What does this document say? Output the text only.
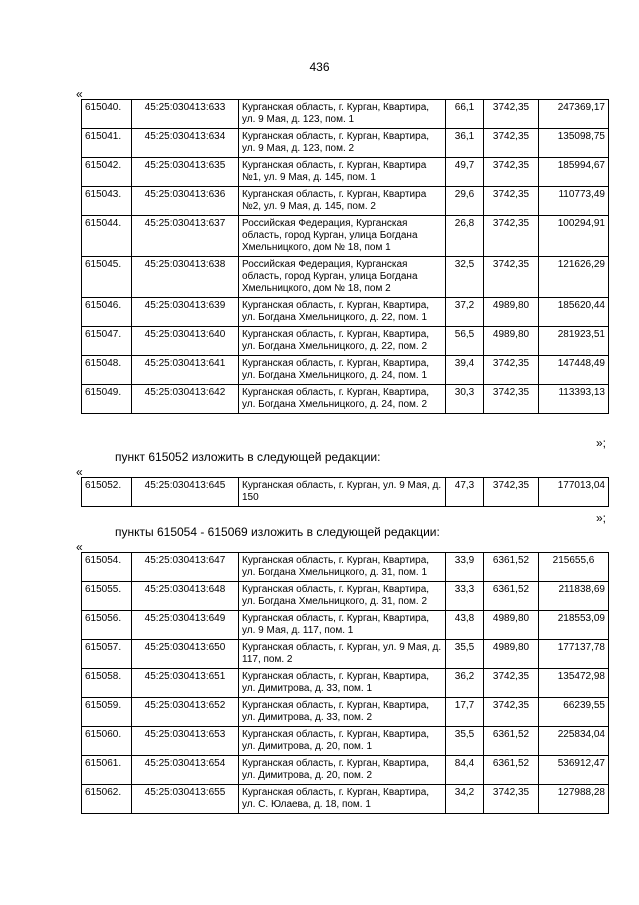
436
«
615040.	45:25:030413:633	Курганская область, г. Курган, Квартира, ул. 9 Мая, д. 123, пом. 1	66,1	3742,35	247369,17
615041.	45:25:030413:634	Курганская область, г. Курган, Квартира, ул. 9 Мая, д. 123, пом. 2	36,1	3742,35	135098,75
615042.	45:25:030413:635	Курганская область, г. Курган, Квартира №1, ул. 9 Мая, д. 145, пом. 1	49,7	3742,35	185994,67
615043.	45:25:030413:636	Курганская область, г. Курган, Квартира №2, ул. 9 Мая, д. 145, пом. 2	29,6	3742,35	110773,49
615044.	45:25:030413:637	Российская Федерация, Курганская область, город Курган, улица Богдана Хмельницкого, дом № 18, пом 1	26,8	3742,35	100294,91
615045.	45:25:030413:638	Российская Федерация, Курганская область, город Курган, улица Богдана Хмельницкого, дом № 18, пом 2	32,5	3742,35	121626,29
615046.	45:25:030413:639	Курганская область, г. Курган, Квартира, ул. Богдана Хмельницкого, д. 22, пом. 1	37,2	4989,80	185620,44
615047.	45:25:030413:640	Курганская область, г. Курган, Квартира, ул. Богдана Хмельницкого, д. 22, пом. 2	56,5	4989,80	281923,51
615048.	45:25:030413:641	Курганская область, г. Курган, Квартира, ул. Богдана Хмельницкого, д. 24, пом. 1	39,4	3742,35	147448,49
615049.	45:25:030413:642	Курганская область, г. Курган, Квартира, ул. Богдана Хмельницкого, д. 24, пом. 2	30,3	3742,35	113393,13
»;
пункт 615052 изложить в следующей редакции:
«
615052.	45:25:030413:645	Курганская область, г. Курган, ул. 9 Мая, д. 150	47,3	3742,35	177013,04
»;
пункты 615054 - 615069 изложить в следующей редакции:
«
615054.	45:25:030413:647	Курганская область, г. Курган, Квартира, ул. Богдана Хмельницкого, д. 31, пом. 1	33,9	6361,52	215655,6
615055.	45:25:030413:648	Курганская область, г. Курган, Квартира, ул. Богдана Хмельницкого, д. 31, пом. 2	33,3	6361,52	211838,69
615056.	45:25:030413:649	Курганская область, г. Курган, Квартира, ул. 9 Мая, д. 117, пом. 1	43,8	4989,80	218553,09
615057.	45:25:030413:650	Курганская область, г. Курган, ул. 9 Мая, д. 117, пом. 2	35,5	4989,80	177137,78
615058.	45:25:030413:651	Курганская область, г. Курган, Квартира, ул. Димитрова, д. 33, пом. 1	36,2	3742,35	135472,98
615059.	45:25:030413:652	Курганская область, г. Курган, Квартира, ул. Димитрова, д. 33, пом. 2	17,7	3742,35	66239,55
615060.	45:25:030413:653	Курганская область, г. Курган, Квартира, ул. Димитрова, д. 20, пом. 1	35,5	6361,52	225834,04
615061.	45:25:030413:654	Курганская область, г. Курган, Квартира, ул. Димитрова, д. 20, пом. 2	84,4	6361,52	536912,47
615062.	45:25:030413:655	Курганская область, г. Курган, Квартира, ул. С. Юлаева, д. 18, пом. 1	34,2	3742,35	127988,28
